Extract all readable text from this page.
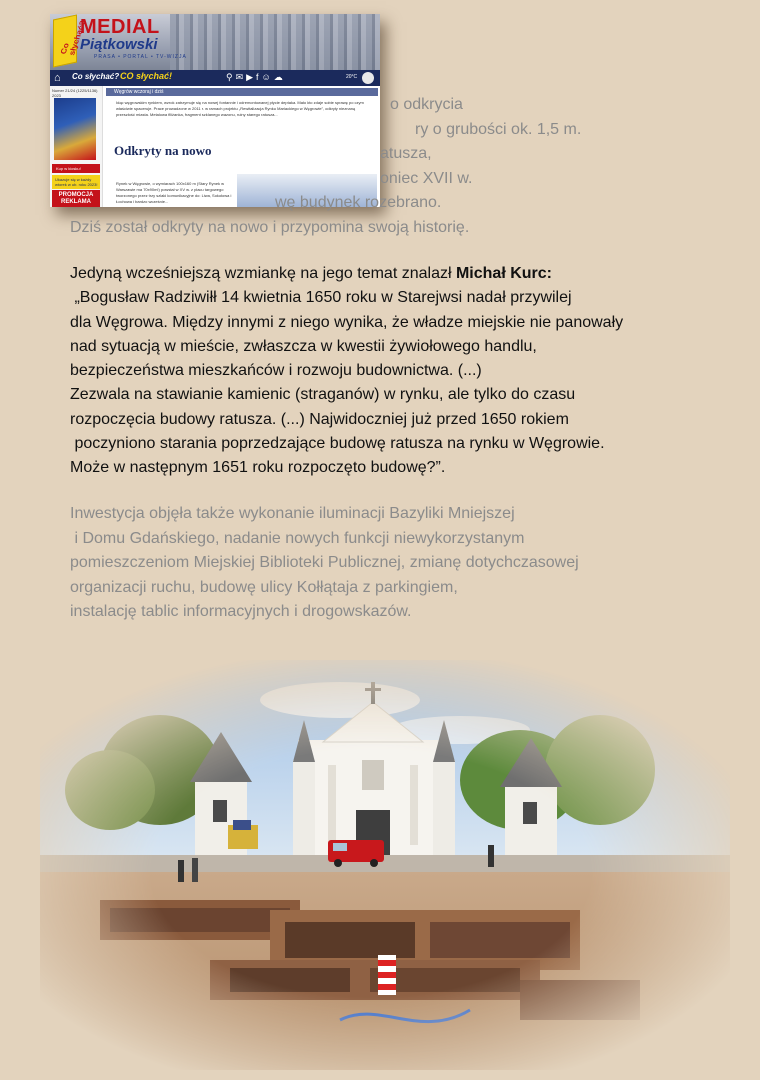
Co słychać?
MEDIAL
Piątkowski
PRASA • PORTAL • TV-WIZJA
⌂ Co słychać? CO słychać!	⚲✉▶f☺☁	20°C
Numer 21/24 (1225/1136) 2023
Kup w kiosku!
Ukazuje się w każdy wtorek w ub. roku 2023!
PROMOCJA REKLAMA
Węgrów wczoraj i dziś
Idąc węgrowskim rynkiem, wzrok zatrzymuje się na nowej fontannie i odremontowanej płycie deptaka. Mało kto zdaje sobie sprawę po czym właściwie spaceruje. Prace prowadzone w 2011 r. w ramach projektu „Rewitalizacja Rynku Mariackiego w Węgrowie”, odkryły nieznaną przeszłość miasta. Metalowa filiżanka, fragment szklanego wazonu, ruiny starego ratusza...
Odkryty na nowo
Rynek w Węgrowie, o wymiarach 100x160 m (Stary Rynek w Warszawie ma 70x90m!) powstał w XV w. z placu targowego tworzonego przez trzy szlaki komunikacyjne do: Liwa, Sokołowa i Łochowa i bardzo wcześnie...
o odkrycia
ry o grubości ok. 1,5 m.
atusza,
oniec XVII w.
wę budynek rozebrano.
Dziś został odkryty na nowo i przypomina swoją historię.
Jedyną wcześniejszą wzmiankę na jego temat znalazł Michał Kurc:
„Bogusław Radziwiłł 14 kwietnia 1650 roku w Starejwsi nadał przywilej
dla Węgrowa. Między innymi z niego wynika, że władze miejskie nie panowały
nad sytuacją w mieście, zwłaszcza w kwestii żywiołowego handlu,
bezpieczeństwa mieszkańców i rozwoju budownictwa. (...)
Zezwala na stawianie kamienic (straganów) w rynku, ale tylko do czasu
rozpoczęcia budowy ratusza. (...) Najwidoczniej już przed 1650 rokiem
poczyniono starania poprzedzające budowę ratusza na rynku w Węgrowie.
Może w następnym 1651 roku rozpoczęto budowę?”.
Inwestycja objęła także wykonanie iluminacji Bazyliki Mniejszej
i Domu Gdańskiego, nadanie nowych funkcji niewykorzystanym
pomieszczeniom Miejskiej Biblioteki Publicznej, zmianę dotychczasowej
organizacji ruchu, budowę ulicy Kołłątaja z parkingiem,
instalację tablic informacyjnych i drogowskazów.
